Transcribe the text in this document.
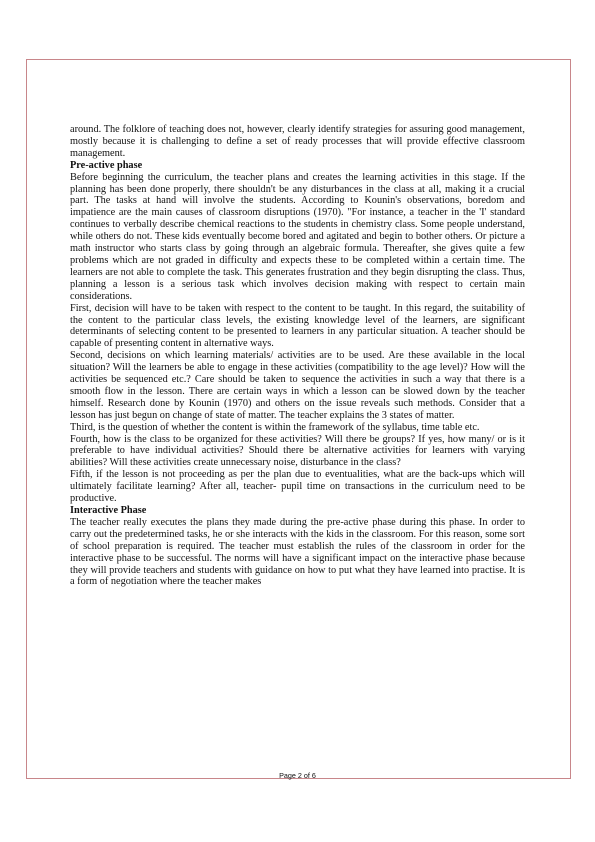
around. The folklore of teaching does not, however, clearly identify strategies for assuring good management, mostly because it is challenging to define a set of ready processes that will provide effective classroom management.

Pre-active phase

Before beginning the curriculum, the teacher plans and creates the learning activities in this stage. If the planning has been done properly, there shouldn't be any disturbances in the class at all, making it a crucial part. The tasks at hand will involve the students. According to Kounin's observations, boredom and impatience are the main causes of classroom disruptions (1970). "For instance, a teacher in the 'I' standard continues to verbally describe chemical reactions to the students in chemistry class. Some people understand, while others do not. These kids eventually become bored and agitated and begin to bother others. Or picture a math instructor who starts class by going through an algebraic formula. Thereafter, she gives quite a few problems which are not graded in difficulty and expects these to be completed within a certain time. The learners are not able to complete the task. This generates frustration and they begin disrupting the class. Thus, planning a lesson is a serious task which involves decision making with respect to certain main considerations.

First, decision will have to be taken with respect to the content to be taught. In this regard, the suitability of the content to the particular class levels, the existing knowledge level of the learners, are significant determinants of selecting content to be presented to learners in any particular situation. A teacher should be capable of presenting content in alternative ways.

Second, decisions on which learning materials/ activities are to be used. Are these available in the local situation? Will the learners be able to engage in these activities (compatibility to the age level)? How will the activities be sequenced etc.? Care should be taken to sequence the activities in such a way that there is a smooth flow in the lesson. There are certain ways in which a lesson can be slowed down by the teacher himself. Research done by Kounin (1970) and others on the issue reveals such methods. Consider that a lesson has just begun on change of state of matter. The teacher explains the 3 states of matter.

Third, is the question of whether the content is within the framework of the syllabus, time table etc.

Fourth, how is the class to be organized for these activities? Will there be groups? If yes, how many/ or is it preferable to have individual activities? Should there be alternative activities for learners with varying abilities? Will these activities create unnecessary noise, disturbance in the class?

Fifth, if the lesson is not proceeding as per the plan due to eventualities, what are the back-ups which will ultimately facilitate learning? After all, teacher- pupil time on transactions in the curriculum need to be productive.

Interactive Phase

The teacher really executes the plans they made during the pre-active phase during this phase. In order to carry out the predetermined tasks, he or she interacts with the kids in the classroom. For this reason, some sort of school preparation is required. The teacher must establish the rules of the classroom in order for the interactive phase to be successful. The norms will have a significant impact on the interactive phase because they will provide teachers and students with guidance on how to put what they have learned into practise. It is a form of negotiation where the teacher makes

Page 2 of 6
